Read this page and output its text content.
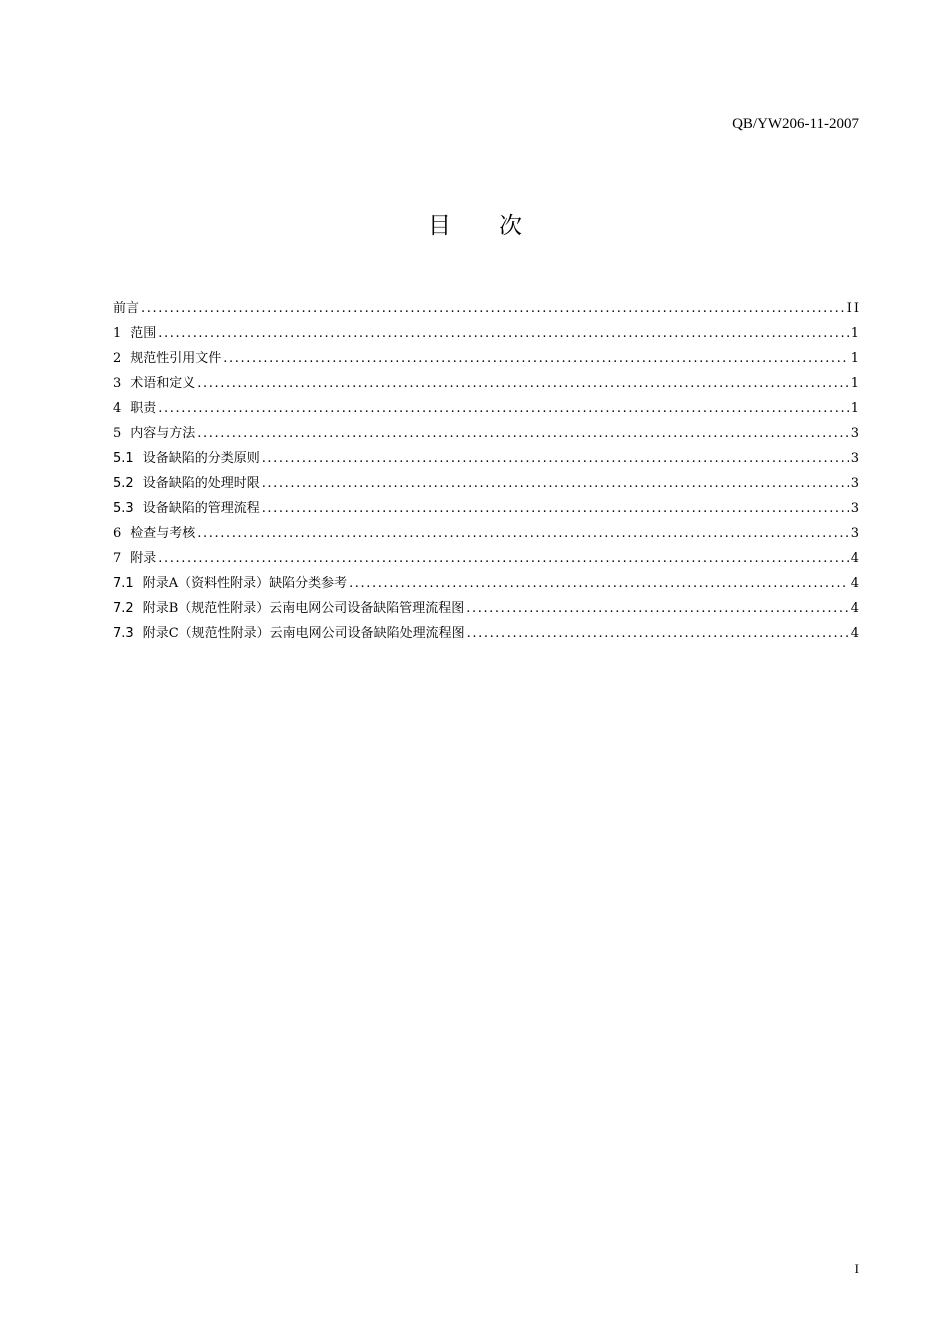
QB/YW206-11-2007
目 次
前言 .....	II
1 范围 .....	1
2 规范性引用文件 .....	1
3 术语和定义 .....	1
4 职责 .....	1
5 内容与方法 .....	3
5.1 设备缺陷的分类原则 .....	3
5.2 设备缺陷的处理时限 .....	3
5.3 设备缺陷的管理流程 .....	3
6 检查与考核 .....	3
7 附录 .....	4
7.1 附录A（资料性附录）缺陷分类参考 .....	4
7.2 附录B（规范性附录）云南电网公司设备缺陷管理流程图 .....	4
7.3 附录C（规范性附录）云南电网公司设备缺陷处理流程图 .....	4
I
